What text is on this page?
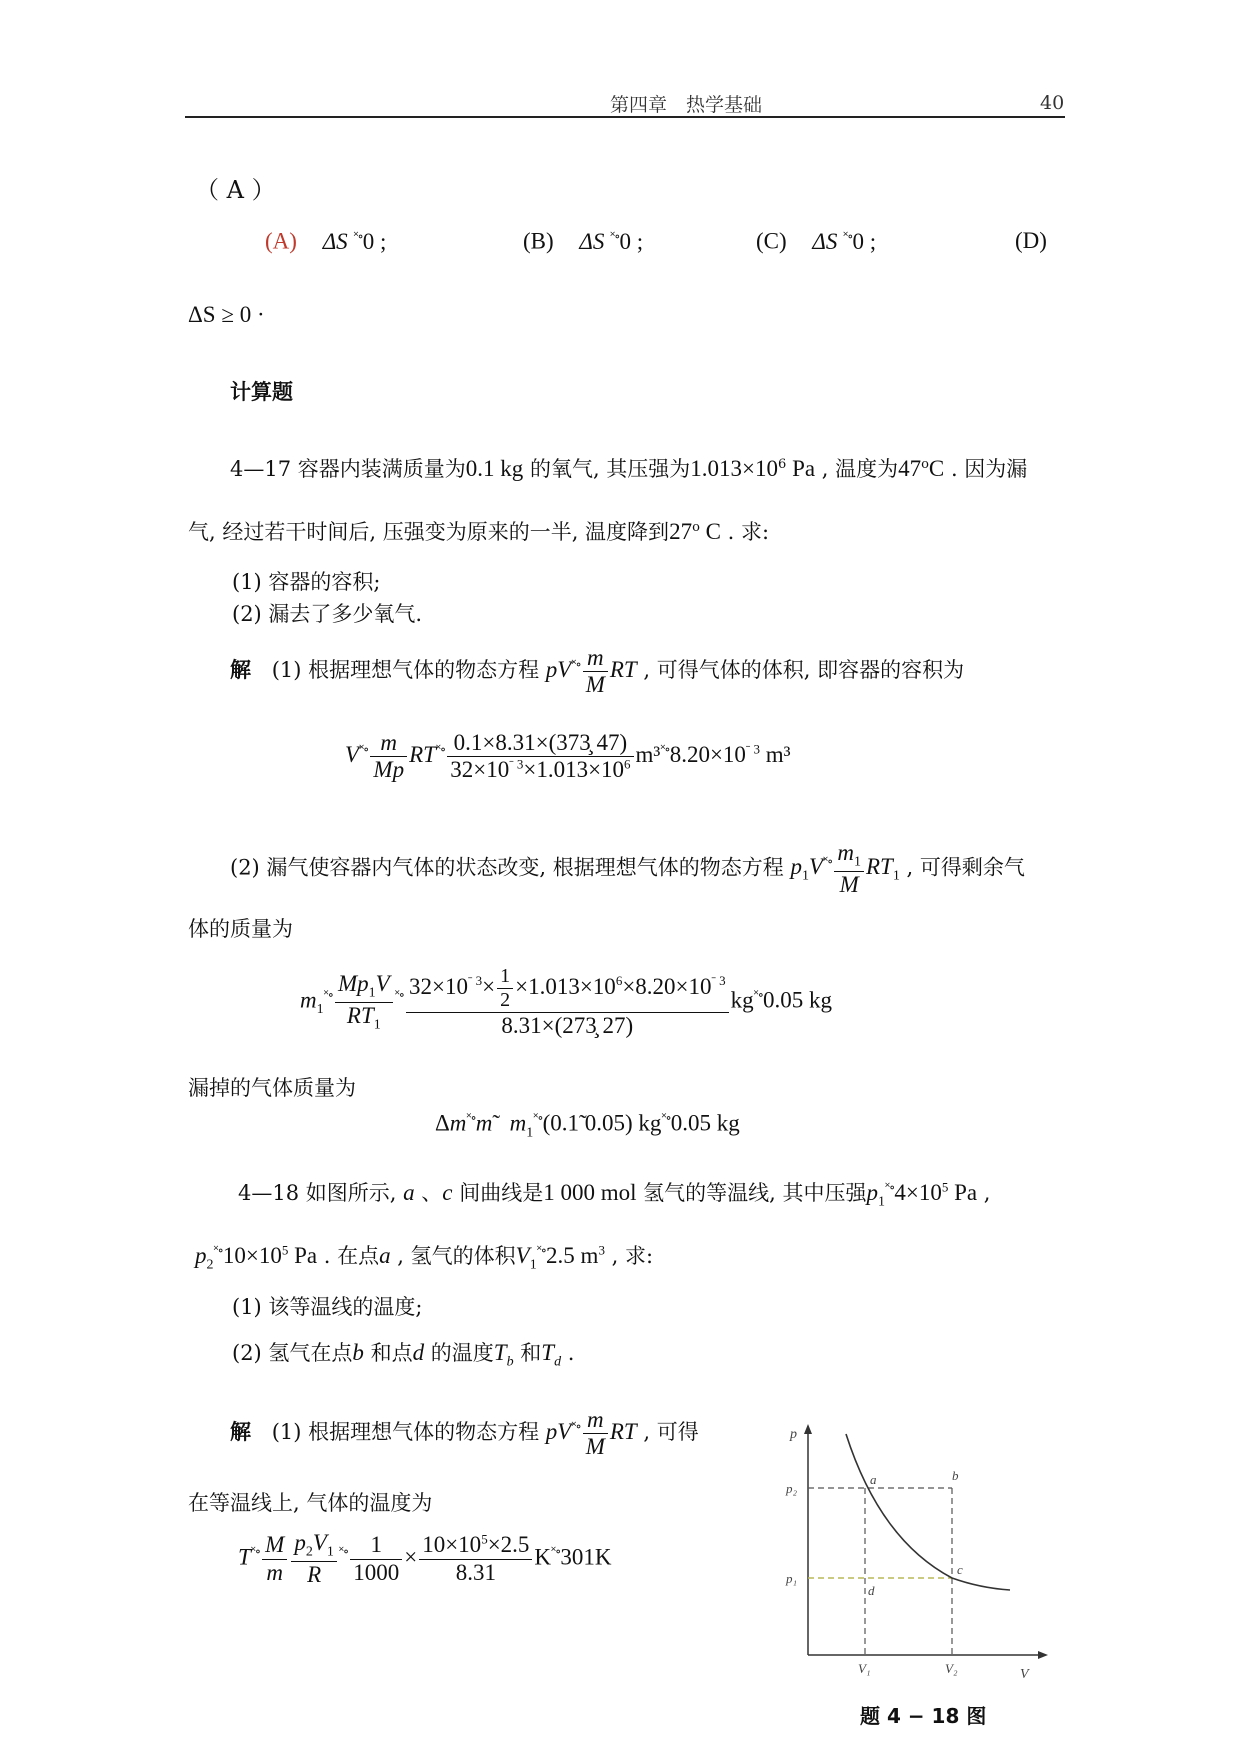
第四章　热学基础	40
（ A ）
(A) ΔS ˟∘0 ;	(B) ΔS ˟∘0 ;	(C) ΔS ˟∘0 ;	(D)
ΔS ≥ 0 ·
计算题
4—17 容器内装满质量为0.1 kg 的氧气, 其压强为$1.013\times 10^6$ Pa , 温度为47$^o$C . 因为漏
气, 经过若干时间后, 压强变为原来的一半, 温度降到27$^o$ C . 求:
(1) 容器的容积;
(2) 漏去了多少氧气.
解 (1) 根据理想气体的物态方程 $pV^{˟\circ} \frac{m}{M}$ RT , 可得气体的体积, 即容器的容积为
$V^{˟\circ} \frac{m}{Mp} RT^{˟\circ} \frac{0.1\times 8.31\times(373̧ 47)}{32\times 10^{ˉ 3}\times 1.013\times 10^6} m^3^{˟\circ}8.20\times 10^{ˉ 3}$ m³
(2) 漏气使容器内气体的状态改变, 根据理想气体的物态方程 $p_1V^{˟\circ} \frac{m_1}{M} RT_1$ , 可得剩余气
体的质量为
$m_1^{˟\circ} \frac{Mp_1V}{RT_1} ^{˟\circ} \frac{32\times 10^{ˉ 3}\times \frac{1}{2} \times 1.013\times 10^6\times 8.20\times 10^{ˉ 3}}{8.31\times(273̧ 27)} kg^{˟\circ}0.05$ kg
漏掉的气体质量为
Δm˟∘m̃   $m_1^{˟\circ}(0.1̃$ 0.05) kg˟∘0.05 kg
4—18 如图所示, a 、c 间曲线是1 000 mol 氢气的等温线, 其中压强$p_1^{˟\circ}4\times 10^5$ Pa ,
$p_2^{˟\circ}10\times 10^5$ Pa . 在点a , 氢气的体积$V_1^{˟\circ}2.5$ $m^3$ , 求:
(1) 该等温线的温度;
(2) 氢气在点b 和点d 的温度$T_b$ 和$T_d$ .
解 (1) 根据理想气体的物态方程 $pV^{˟\circ} \frac{m}{M}$ RT , 可得
在等温线上, 气体的温度为
$T^{˟\circ} \frac{M}{m} \frac{p_2V_1}{R} ^{˟\circ} \frac{1}{1000} \times \frac{10\times 10^5\times 2.5}{8.31} K^{˟\circ}301K$
p
V
p₂
p₁
V₁	V₂
a	b
c
d
题 4 − 18 图
